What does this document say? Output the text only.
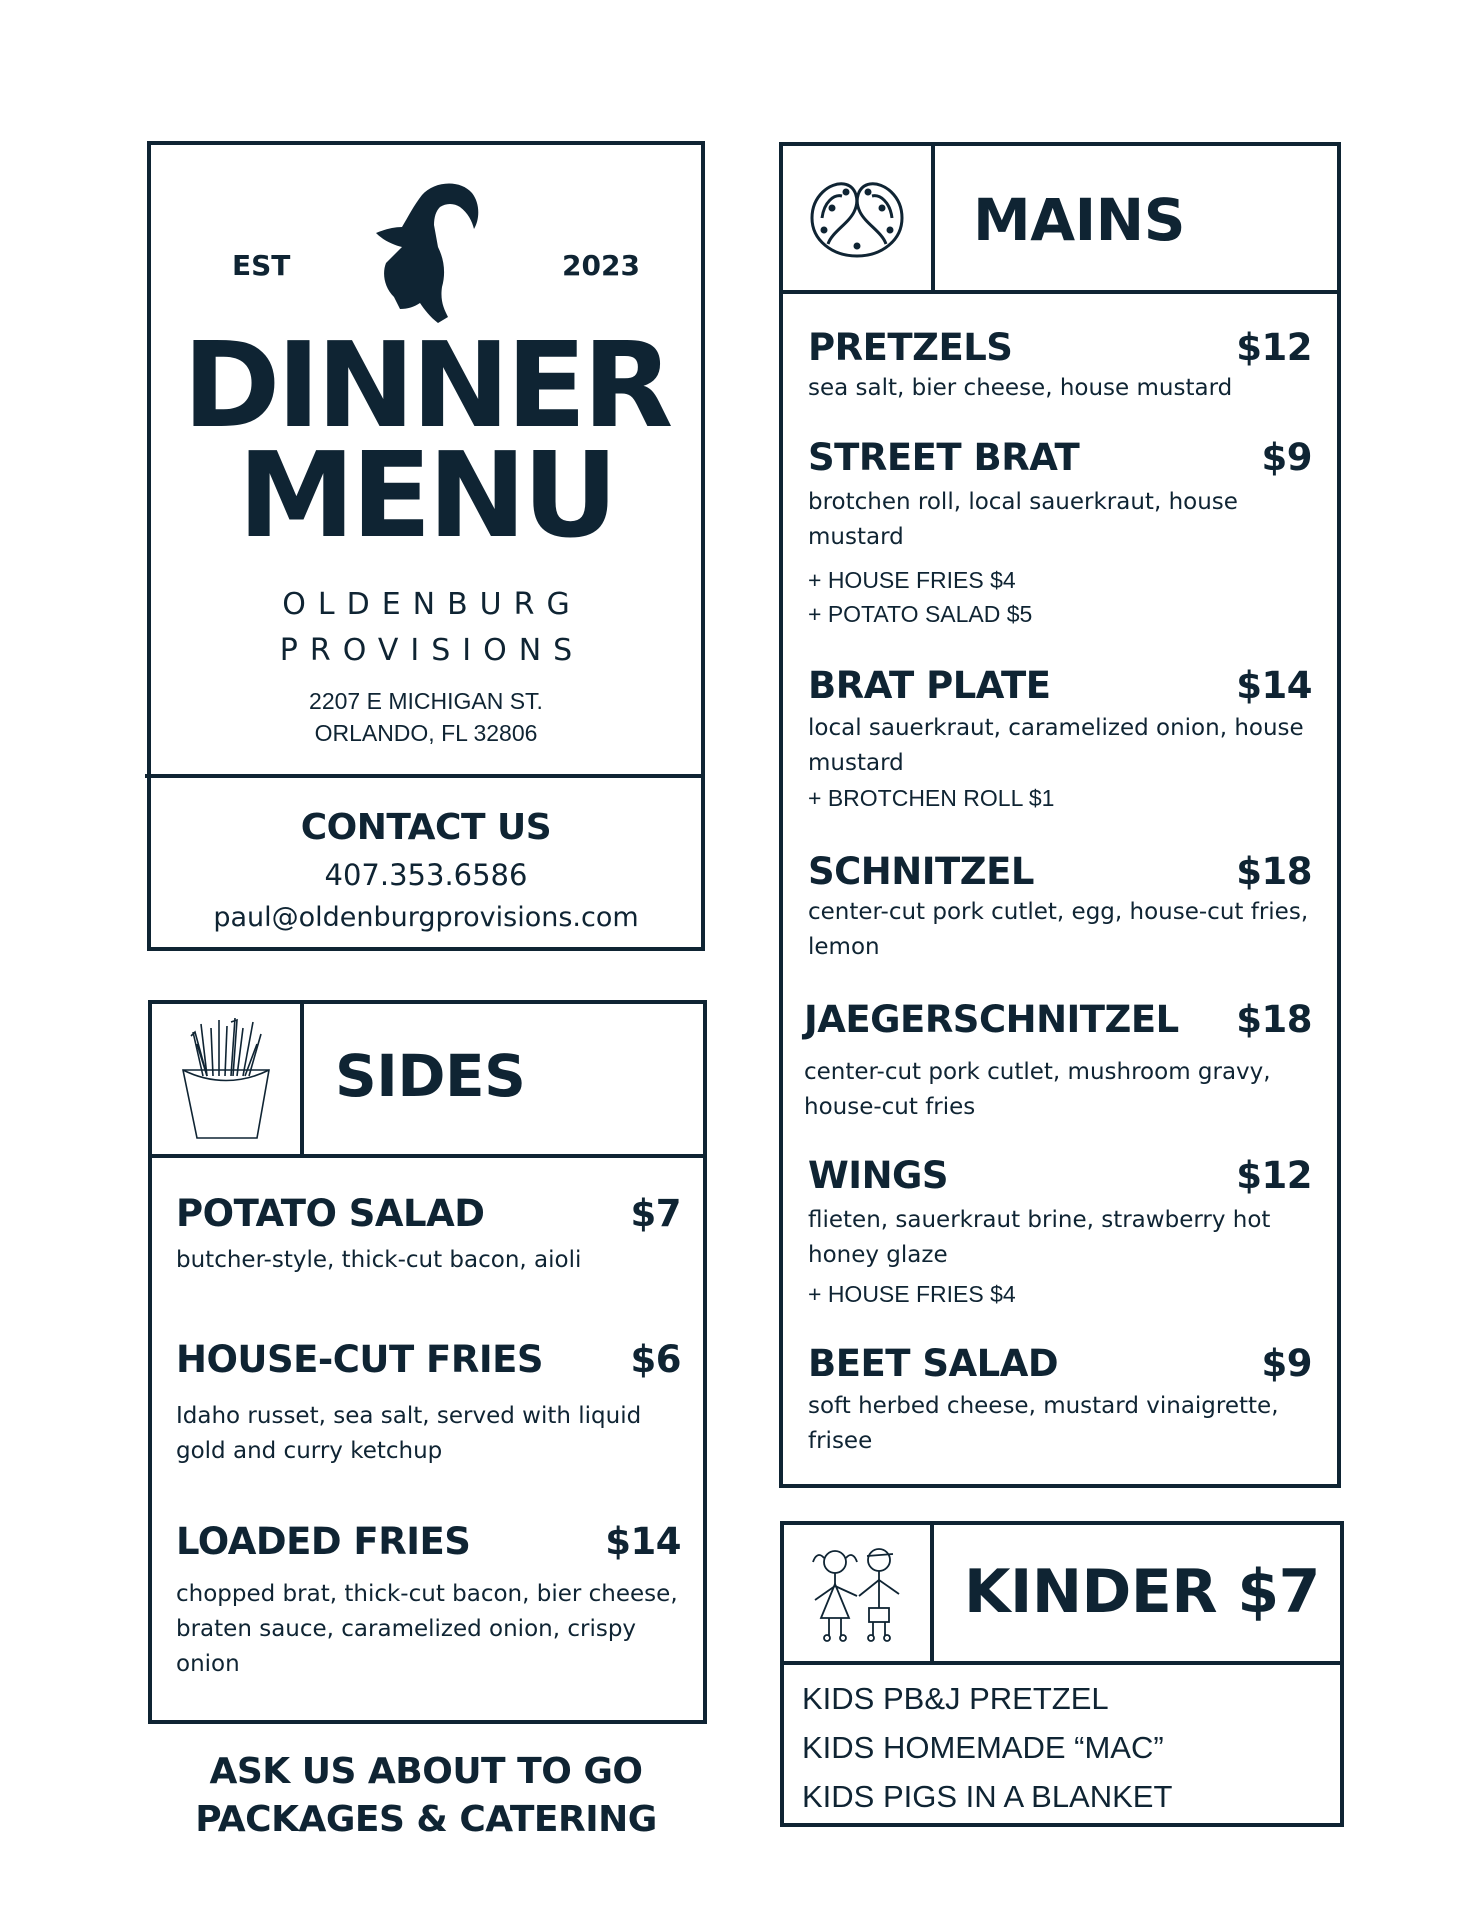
EST	2023
DINNER
MENU
OLDENBURG
PROVISIONS
2207 E MICHIGAN ST.
ORLANDO, FL 32806
CONTACT US
407.353.6586
paul@oldenburgprovisions.com
SIDES
POTATO SALAD	$7
butcher-style, thick-cut bacon, aioli
HOUSE-CUT FRIES $6
Idaho russet, sea salt, served with liquid gold and curry ketchup
LOADED FRIES	$14
chopped brat, thick-cut bacon, bier cheese, braten sauce, caramelized onion, crispy onion
MAINS
PRETZELS	$12
sea salt, bier cheese, house mustard
STREET BRAT	$9
brotchen roll, local sauerkraut, house mustard
+ HOUSE FRIES $4
+ POTATO SALAD $5
BRAT PLATE	$14
local sauerkraut, caramelized onion, house mustard
+ BROTCHEN ROLL $1
SCHNITZEL	$18
center-cut pork cutlet, egg, house-cut fries, lemon
JAEGERSCHNITZEL $18
center-cut pork cutlet, mushroom gravy, house-cut fries
WINGS	$12
flieten, sauerkraut brine, strawberry hot honey glaze
+ HOUSE FRIES $4
BEET SALAD	$9
soft herbed cheese, mustard vinaigrette, frisee
KINDER $7
KIDS PB&J PRETZEL
KIDS HOMEMADE “MAC”
KIDS PIGS IN A BLANKET
ASK US ABOUT TO GO
PACKAGES & CATERING
